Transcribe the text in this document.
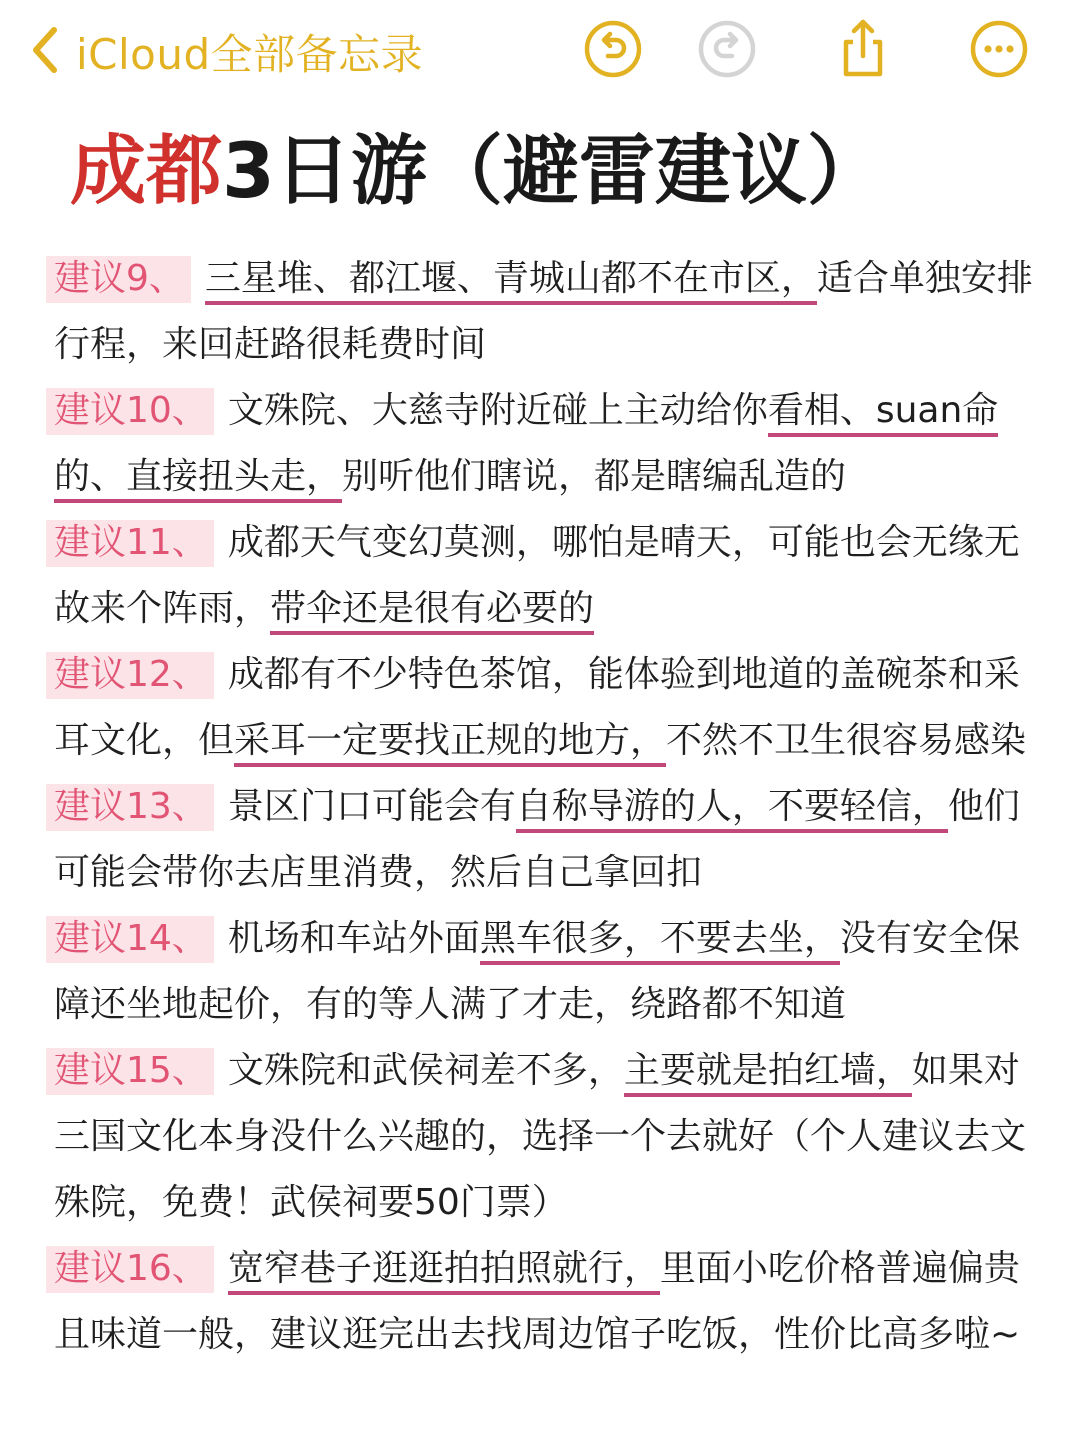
iCloud全部备忘录
成都3日游（避雷建议）

建议9、 三星堆、都江堰、青城山都不在市区，适合单独安排行程，来回赶路很耗费时间

建议10、 文殊院、大慈寺附近碰上主动给你看相、suan命的、直接扭头走，别听他们瞎说，都是瞎编乱造的

建议11、 成都天气变幻莫测，哪怕是晴天，可能也会无缘无故来个阵雨，带伞还是很有必要的

建议12、 成都有不少特色茶馆，能体验到地道的盖碗茶和采耳文化，但采耳一定要找正规的地方，不然不卫生很容易感染

建议13、 景区门口可能会有自称导游的人，不要轻信，他们可能会带你去店里消费，然后自己拿回扣

建议14、 机场和车站外面黑车很多，不要去坐，没有安全保障还坐地起价，有的等人满了才走，绕路都不知道

建议15、 文殊院和武侯祠差不多，主要就是拍红墙，如果对三国文化本身没什么兴趣的，选择一个去就好（个人建议去文殊院，免费！武侯祠要50门票）

建议16、 宽窄巷子逛逛拍拍照就行，里面小吃价格普遍偏贵且味道一般，建议逛完出去找周边馆子吃饭，性价比高多啦~
